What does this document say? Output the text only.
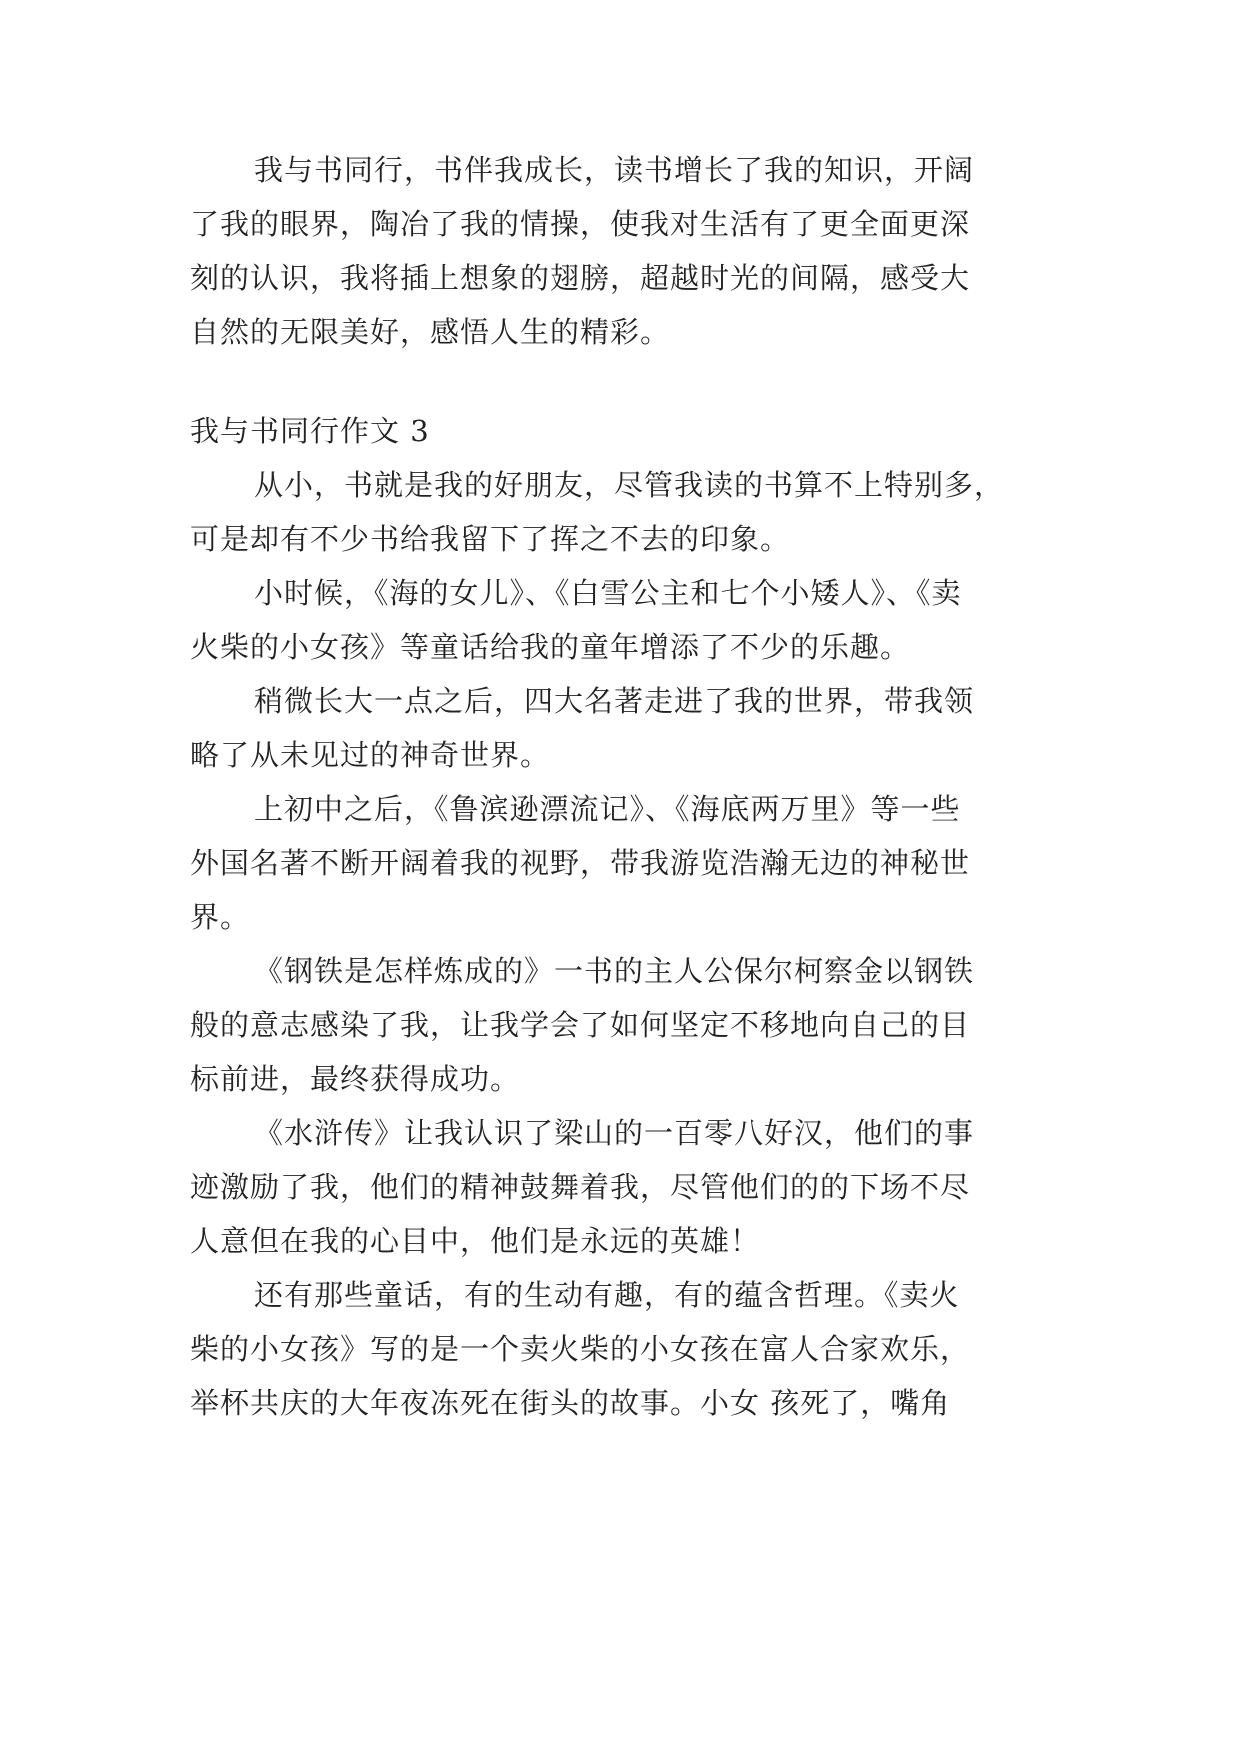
我与书同行，书伴我成长，读书增长了我的知识，开阔

了我的眼界，陶冶了我的情操，使我对生活有了更全面更深

刻的认识，我将插上想象的翅膀，超越时光的间隔，感受大

自然的无限美好，感悟人生的精彩。

我与书同行作文 3

从小，书就是我的好朋友，尽管我读的书算不上特别多，

可是却有不少书给我留下了挥之不去的印象。

小时候，《海的女儿》、《白雪公主和七个小矮人》、《卖

火柴的小女孩》等童话给我的童年增添了不少的乐趣。

稍微长大一点之后，四大名著走进了我的世界，带我领

略了从未见过的神奇世界。

上初中之后，《鲁滨逊漂流记》、《海底两万里》等一些

外国名著不断开阔着我的视野，带我游览浩瀚无边的神秘世

界。

《钢铁是怎样炼成的》一书的主人公保尔柯察金以钢铁

般的意志感染了我，让我学会了如何坚定不移地向自己的目

标前进，最终获得成功。

《水浒传》让我认识了梁山的一百零八好汉，他们的事

迹激励了我，他们的精神鼓舞着我，尽管他们的的下场不尽

人意但在我的心目中，他们是永远的英雄！

还有那些童话，有的生动有趣，有的蕴含哲理。《卖火

柴的小女孩》写的是一个卖火柴的小女孩在富人合家欢乐，

举杯共庆的大年夜冻死在街头的故事。小女 孩死了，嘴角
